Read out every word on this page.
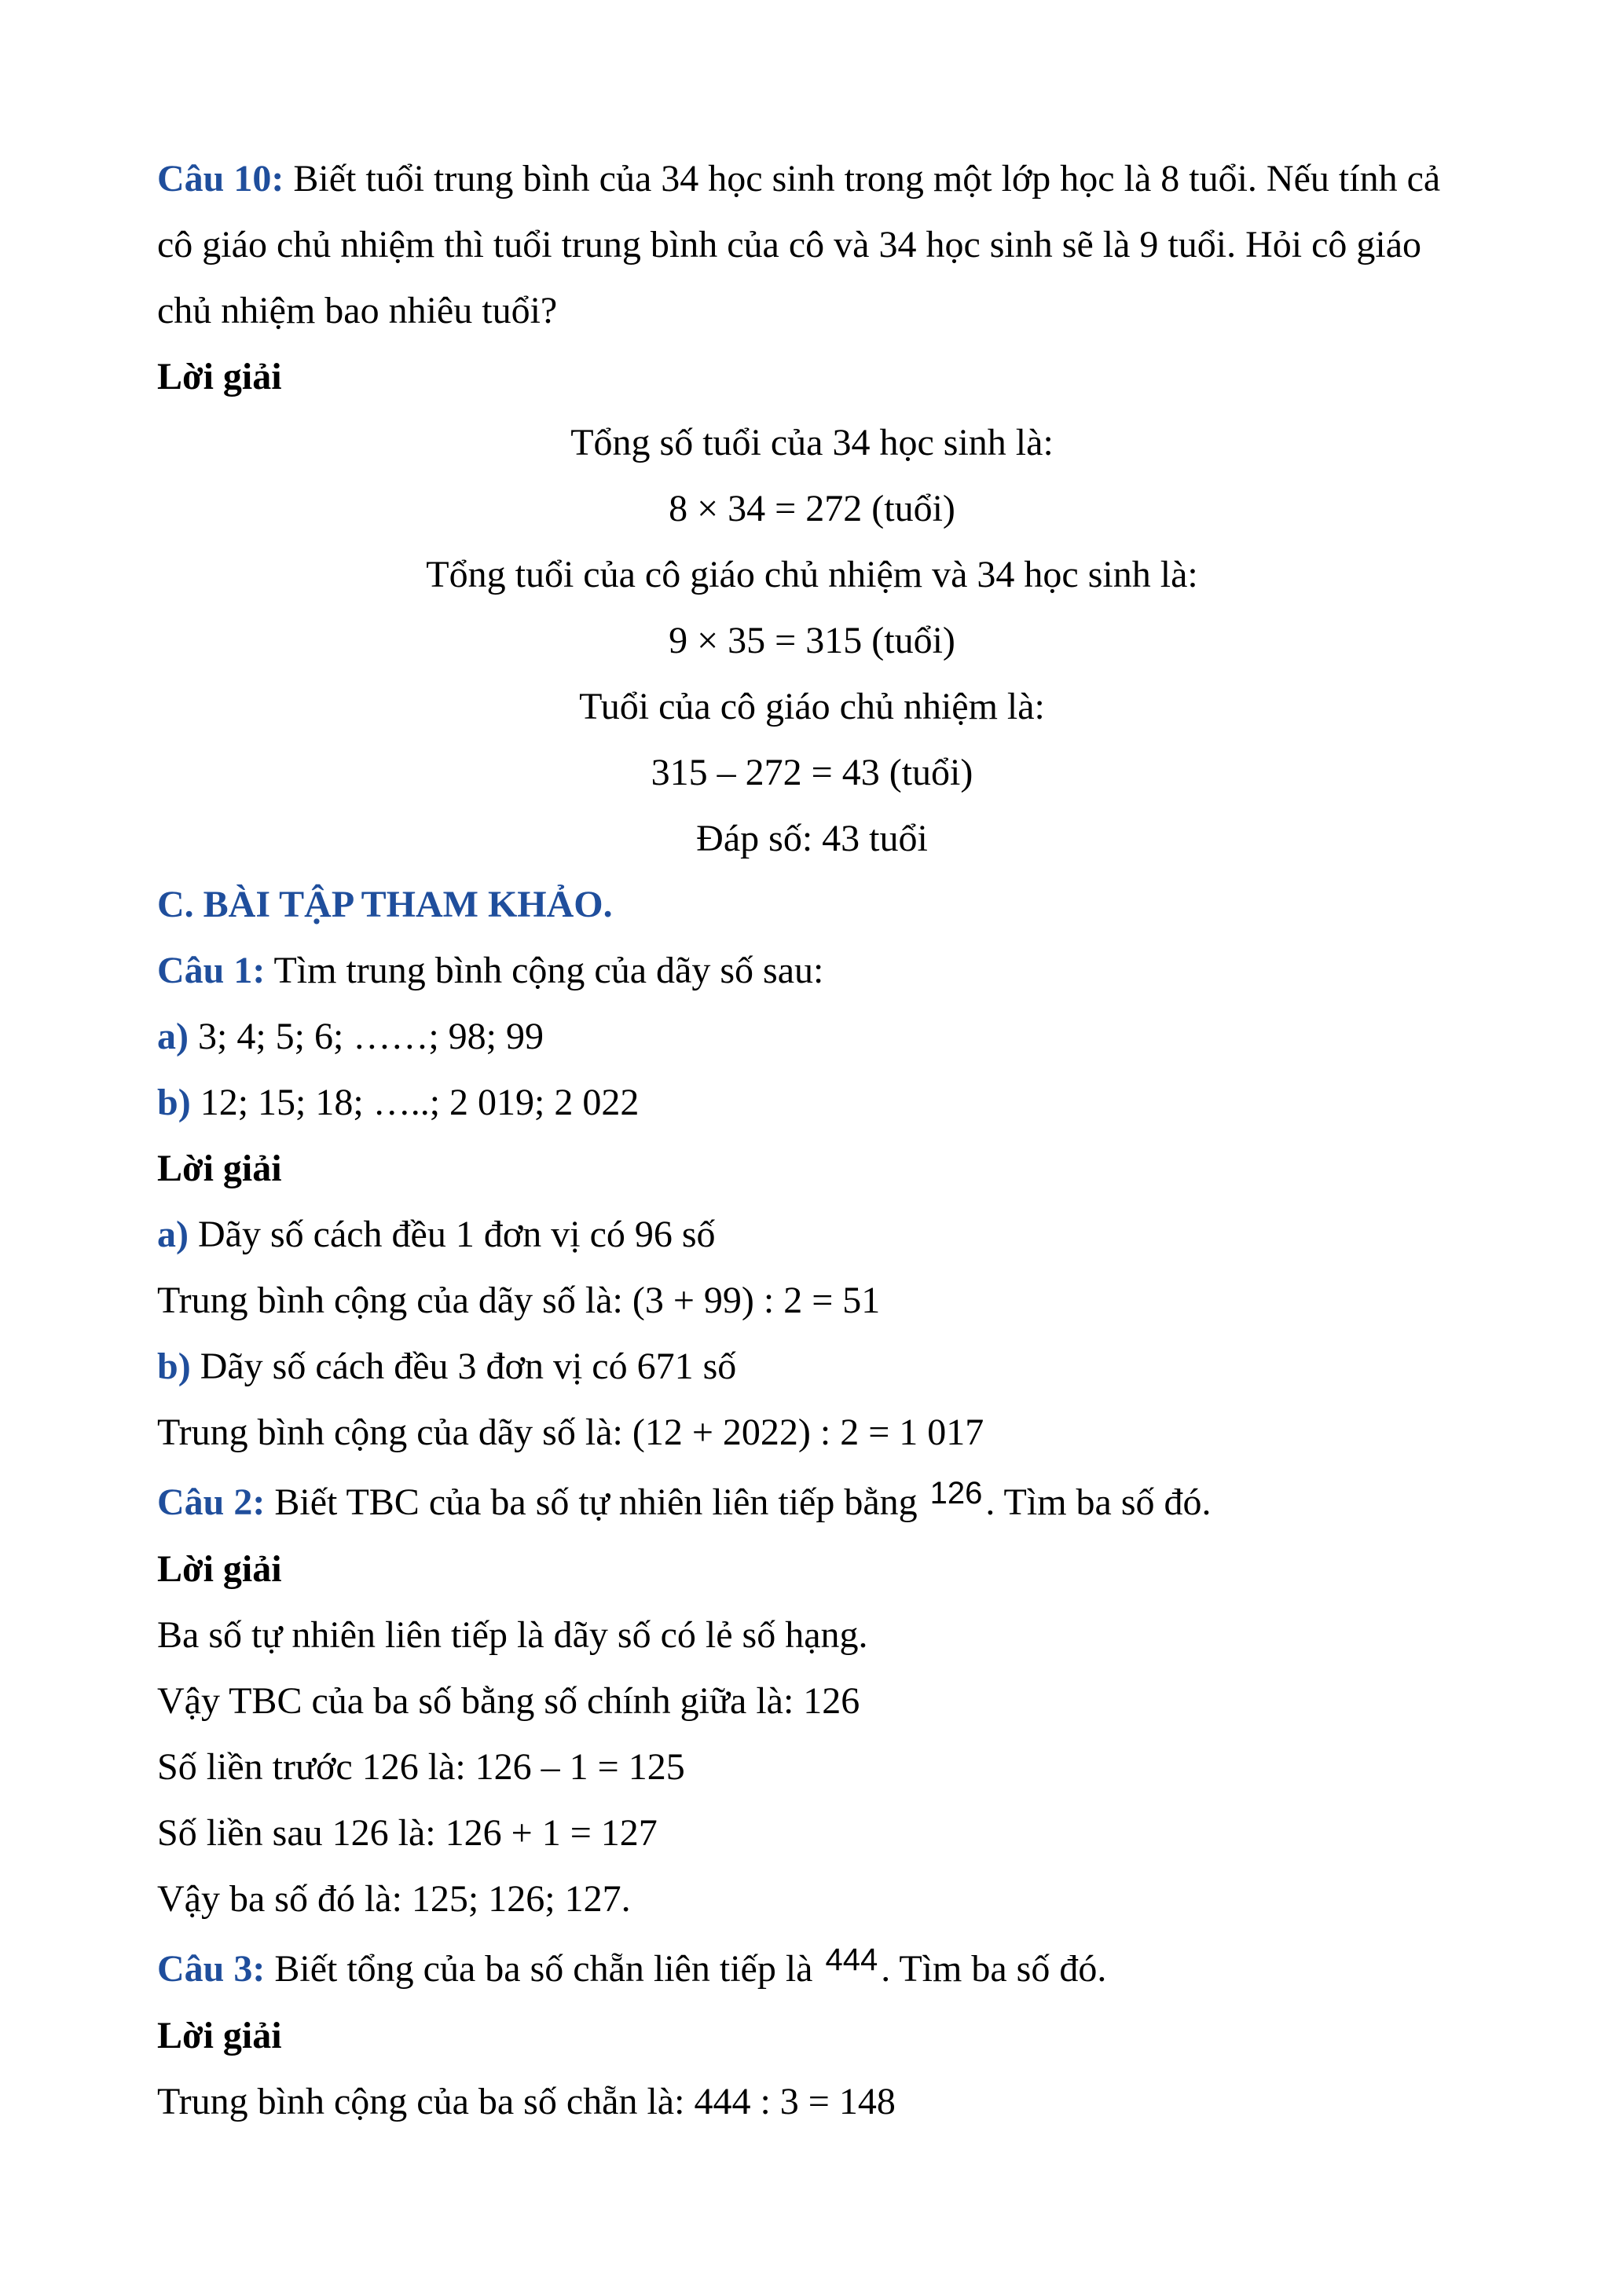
Câu 10: Biết tuổi trung bình của 34 học sinh trong một lớp học là 8 tuổi. Nếu tính cả
cô giáo chủ nhiệm thì tuổi trung bình của cô và 34 học sinh sẽ là 9 tuổi. Hỏi cô giáo
chủ nhiệm bao nhiêu tuổi?
Lời giải
Tổng số tuổi của 34 học sinh là:
8 × 34 = 272 (tuổi)
Tổng tuổi của cô giáo chủ nhiệm và 34 học sinh là:
9 × 35 = 315 (tuổi)
Tuổi của cô giáo chủ nhiệm là:
315 – 272 = 43 (tuổi)
Đáp số: 43 tuổi
C. BÀI TẬP THAM KHẢO.
Câu 1: Tìm trung bình cộng của dãy số sau:
a) 3; 4; 5; 6; ……; 98; 99
b) 12; 15; 18; …..; 2 019; 2 022
Lời giải
a) Dãy số cách đều 1 đơn vị có 96 số
Trung bình cộng của dãy số là: (3 + 99) : 2 = 51
b) Dãy số cách đều 3 đơn vị có 671 số
Trung bình cộng của dãy số là: (12 + 2022) : 2 = 1 017
Câu 2: Biết TBC của ba số tự nhiên liên tiếp bằng $^{126}$. Tìm ba số đó.
Lời giải
Ba số tự nhiên liên tiếp là dãy số có lẻ số hạng.
Vậy TBC của ba số bằng số chính giữa là: 126
Số liền trước 126 là: 126 – 1 = 125
Số liền sau 126 là: 126 + 1 = 127
Vậy ba số đó là: 125; 126; 127.
Câu 3: Biết tổng của ba số chẵn liên tiếp là $^{444}$. Tìm ba số đó.
Lời giải
Trung bình cộng của ba số chẵn là: 444 : 3 = 148
